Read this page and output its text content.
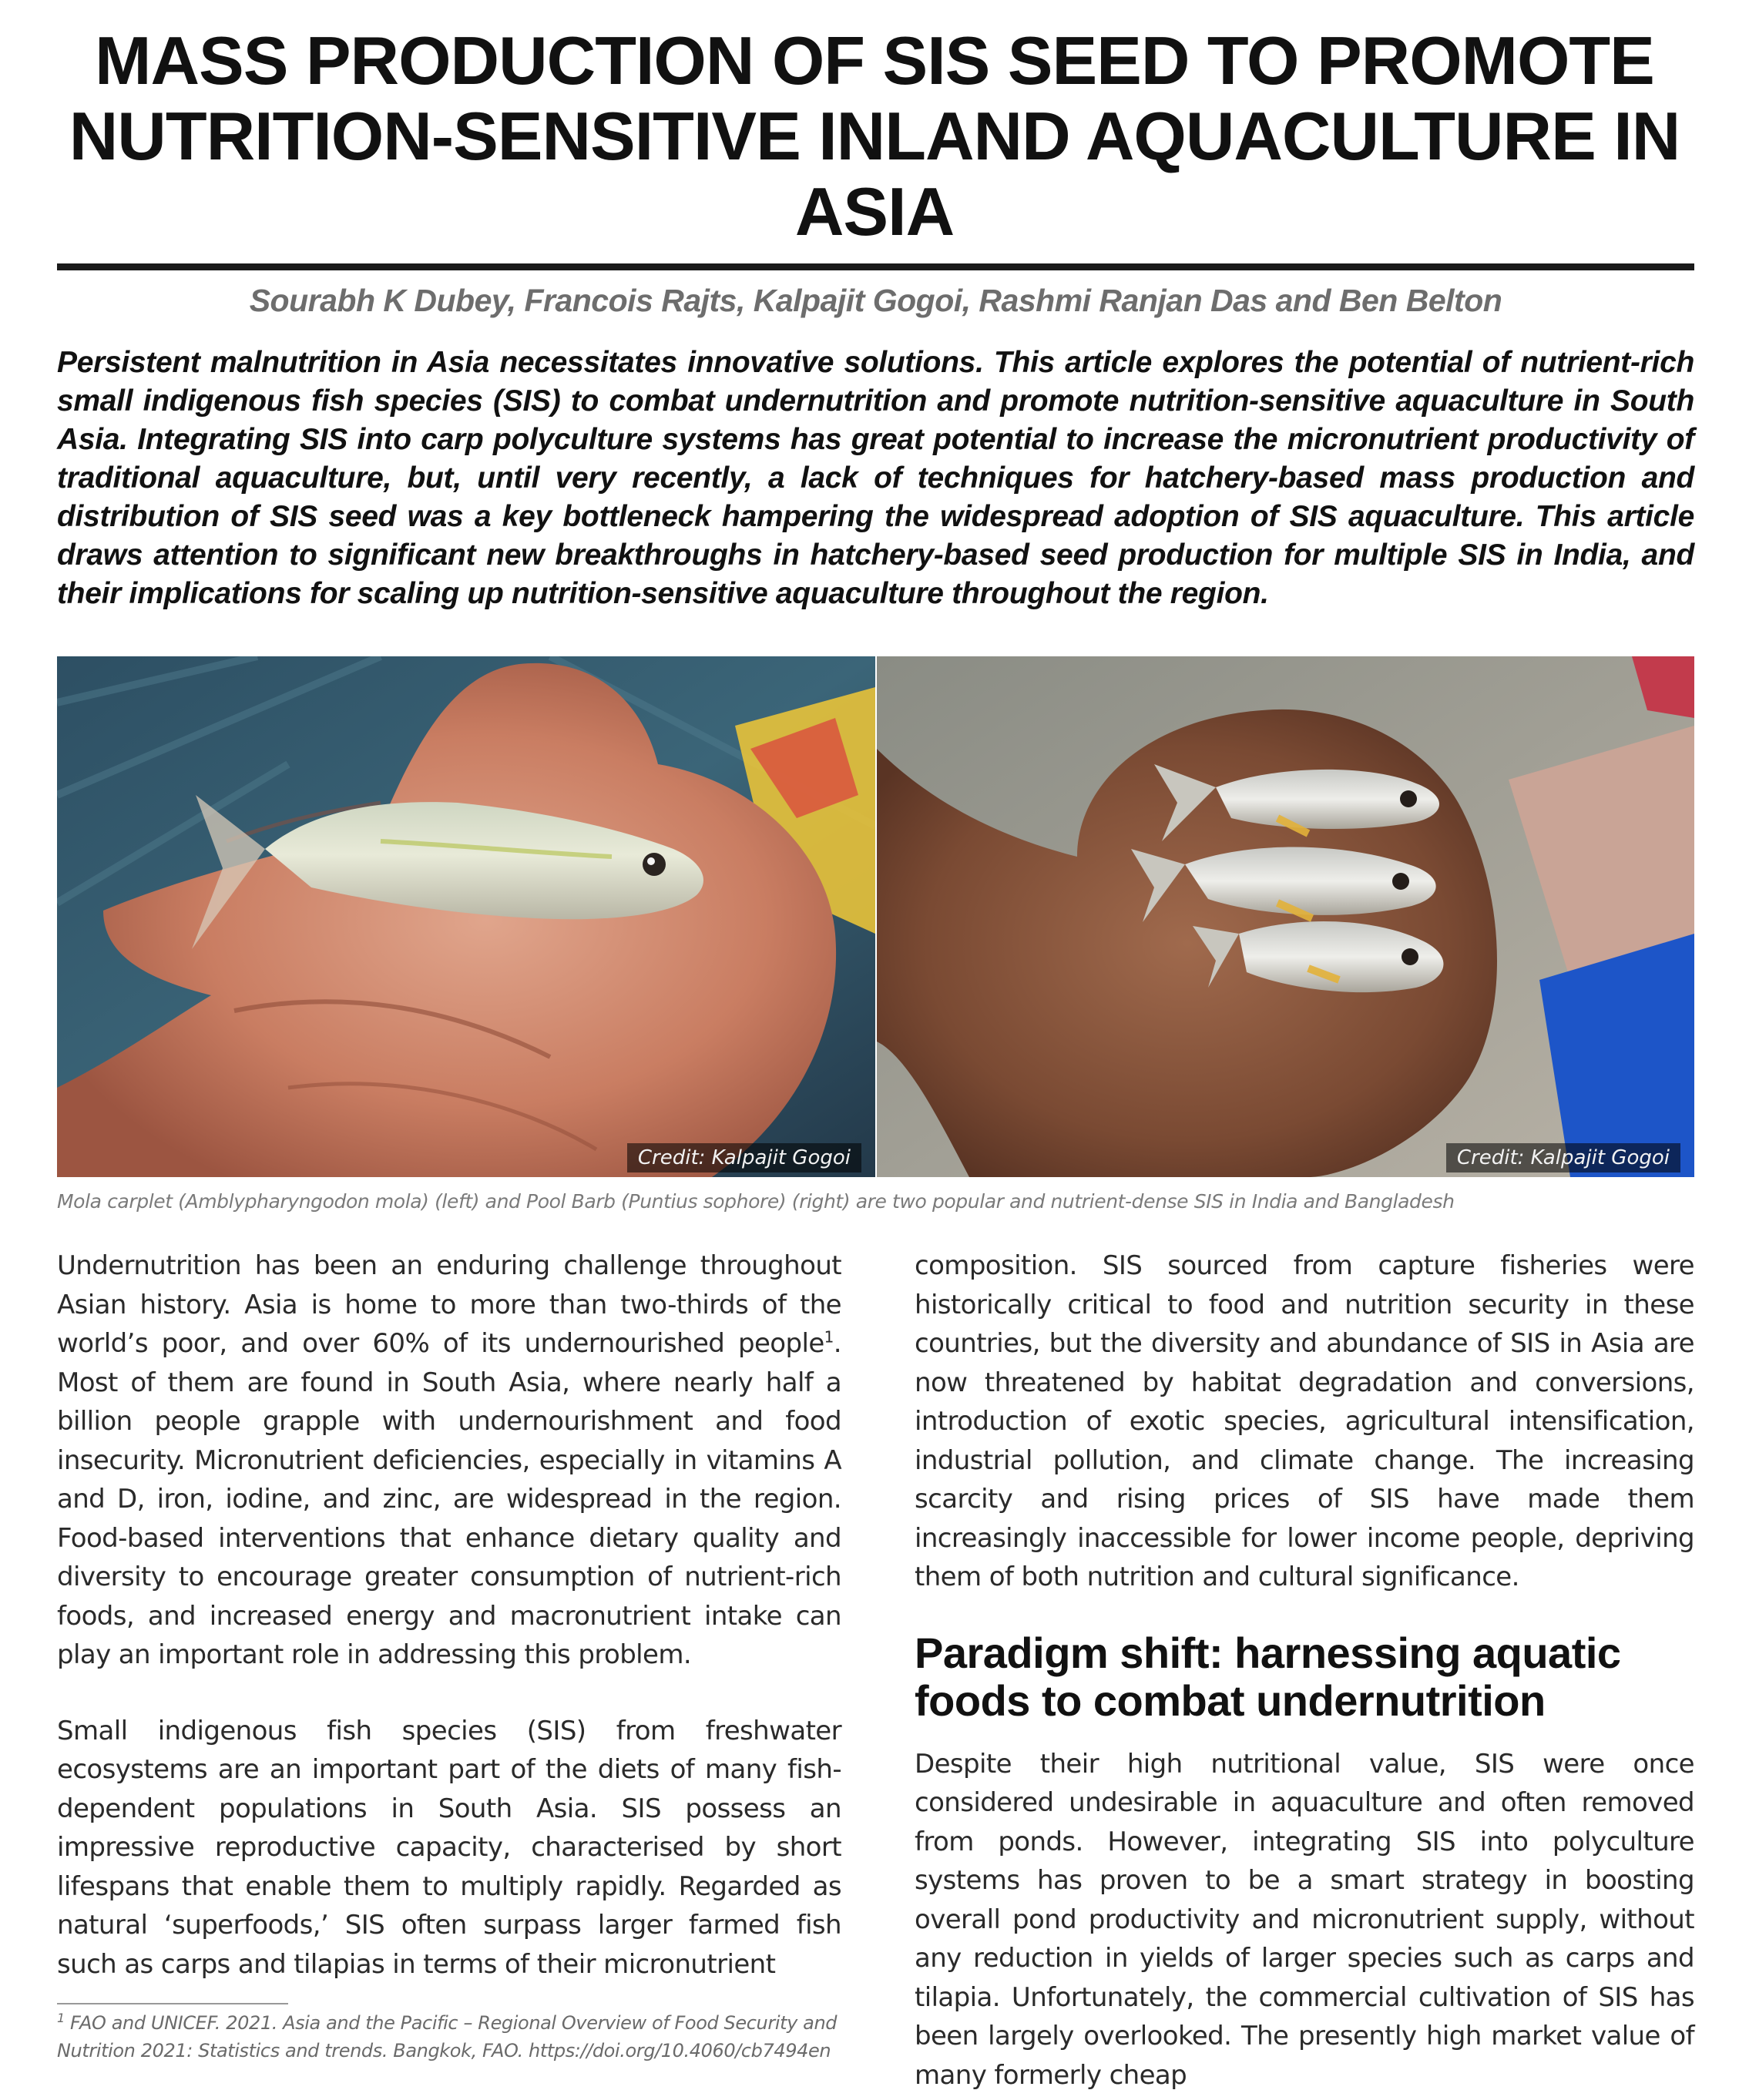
MASS PRODUCTION OF SIS SEED TO PROMOTE NUTRITION-SENSITIVE INLAND AQUACULTURE IN ASIA
Sourabh K Dubey, Francois Rajts, Kalpajit Gogoi, Rashmi Ranjan Das and Ben Belton
Persistent malnutrition in Asia necessitates innovative solutions. This article explores the potential of nutrient-rich small indigenous fish species (SIS) to combat undernutrition and promote nutrition-sensitive aquaculture in South Asia. Integrating SIS into carp polyculture systems has great potential to increase the micronutrient productivity of traditional aquaculture, but, until very recently, a lack of techniques for hatchery-based mass production and distribution of SIS seed was a key bottleneck hampering the widespread adoption of SIS aquaculture. This article draws attention to significant new breakthroughs in hatchery-based seed production for multiple SIS in India, and their implications for scaling up nutrition-sensitive aquaculture throughout the region.
Credit: Kalpajit Gogoi	Credit: Kalpajit Gogoi
Mola carplet (Amblypharyngodon mola) (left) and Pool Barb (Puntius sophore) (right) are two popular and nutrient-dense SIS in India and Bangladesh

Undernutrition has been an enduring challenge throughout Asian history. Asia is home to more than two-thirds of the world’s poor, and over 60% of its undernourished people$^1$. Most of them are found in South Asia, where nearly half a billion people grapple with undernourishment and food insecurity. Micronutrient deficiencies, especially in vitamins A and D, iron, iodine, and zinc, are widespread in the region. Food-based interventions that enhance dietary quality and diversity to encourage greater consumption of nutrient-rich foods, and increased energy and macronutrient intake can play an important role in addressing this problem.

Small indigenous fish species (SIS) from freshwater ecosystems are an important part of the diets of many fish-dependent populations in South Asia. SIS possess an impressive reproductive capacity, characterised by short lifespans that enable them to multiply rapidly. Regarded as natural ‘superfoods,’ SIS often surpass larger farmed fish such as carps and tilapias in terms of their micronutrient

composition. SIS sourced from capture fisheries were historically critical to food and nutrition security in these countries, but the diversity and abundance of SIS in Asia are now threatened by habitat degradation and conversions, introduction of exotic species, agricultural intensification, industrial pollution, and climate change. The increasing scarcity and rising prices of SIS have made them increasingly inaccessible for lower income people, depriving them of both nutrition and cultural significance.

Paradigm shift: harnessing aquatic foods to combat undernutrition

Despite their high nutritional value, SIS were once considered undesirable in aquaculture and often removed from ponds. However, integrating SIS into polyculture systems has proven to be a smart strategy in boosting overall pond productivity and micronutrient supply, without any reduction in yields of larger species such as carps and tilapia. Unfortunately, the commercial cultivation of SIS has been largely overlooked. The presently high market value of many formerly cheap

$^1$ FAO and UNICEF. 2021. Asia and the Pacific – Regional Overview of Food Security and Nutrition 2021: Statistics and trends. Bangkok, FAO. https://doi.org/10.4060/cb7494en
